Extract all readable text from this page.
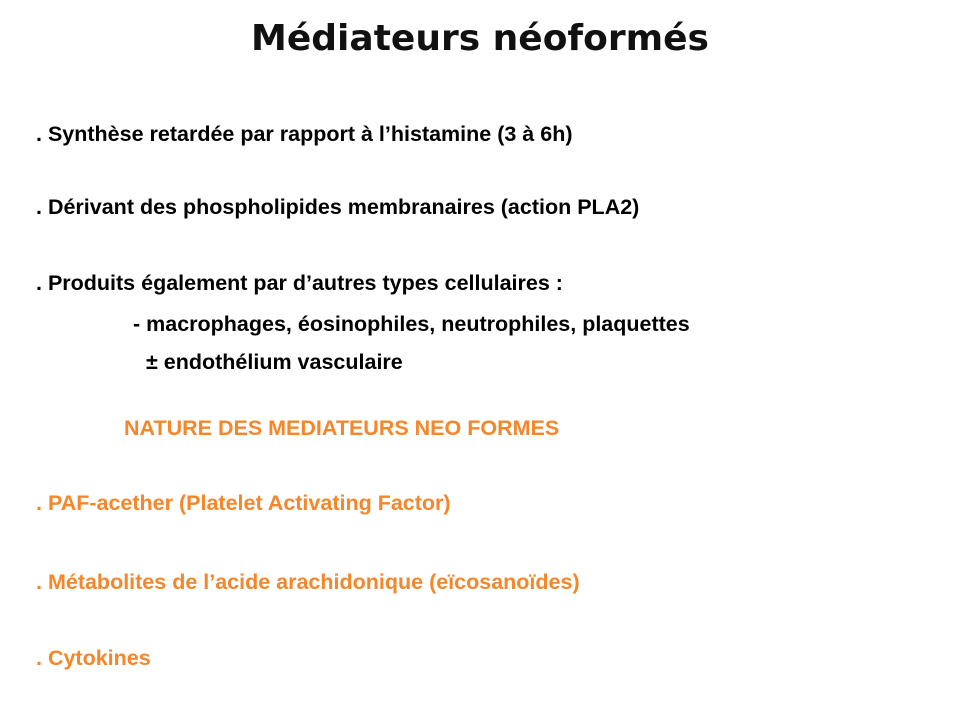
Médiateurs néoformés
. Synthèse retardée par rapport à l’histamine (3 à 6h)
. Dérivant des phospholipides membranaires (action PLA2)
. Produits également par d’autres types cellulaires :
- macrophages, éosinophiles, neutrophiles, plaquettes
± endothélium vasculaire
NATURE DES MEDIATEURS NEO FORMES
. PAF-acether (Platelet Activating Factor)
. Métabolites de l’acide arachidonique (eïcosanoïdes)
. Cytokines
